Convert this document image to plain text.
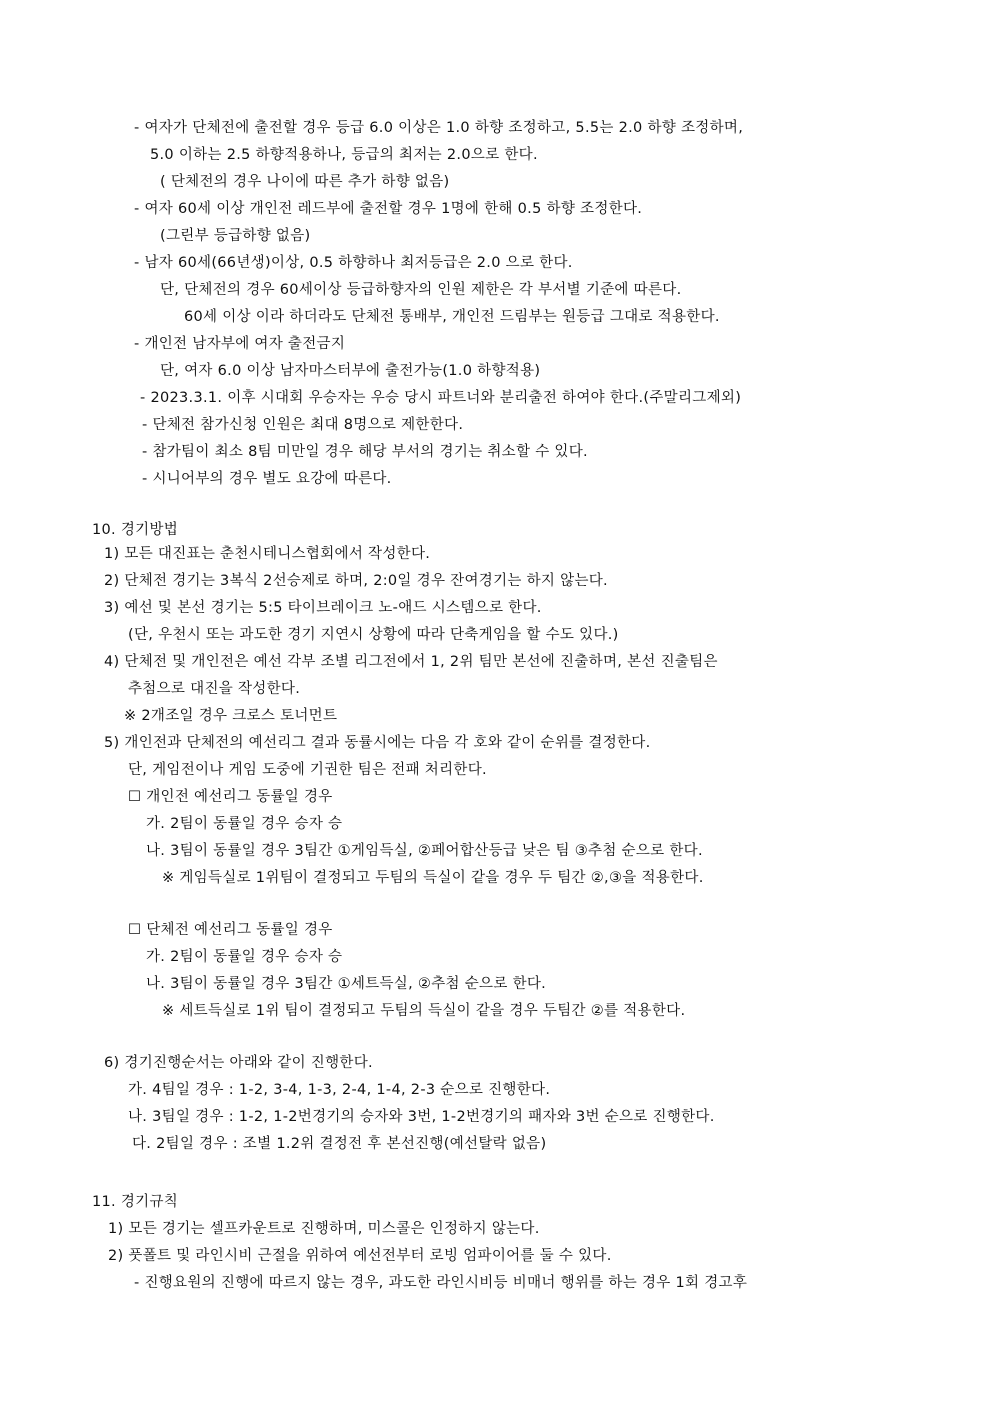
- 여자가 단체전에 출전할 경우 등급 6.0 이상은 1.0 하향 조정하고, 5.5는 2.0 하향 조정하며,
5.0 이하는 2.5 하향적용하나, 등급의 최저는 2.0으로 한다.
( 단체전의 경우 나이에 따른 추가 하향 없음)
- 여자 60세 이상 개인전 레드부에 출전할 경우 1명에 한해 0.5 하향 조정한다.
(그린부 등급하향 없음)
- 남자 60세(66년생)이상, 0.5 하향하나 최저등급은 2.0 으로 한다.
단, 단체전의 경우 60세이상 등급하향자의 인원 제한은 각 부서별 기준에 따른다.
60세 이상 이라 하더라도 단체전 통배부, 개인전 드림부는 원등급 그대로 적용한다.
- 개인전 남자부에 여자 출전금지
단, 여자 6.0 이상 남자마스터부에 출전가능(1.0 하향적용)
- 2023.3.1. 이후 시대회 우승자는 우승 당시 파트너와 분리출전 하여야 한다.(주말리그제외)
- 단체전 참가신청 인원은 최대 8명으로 제한한다.
- 참가팀이 최소 8팀 미만일 경우 해당 부서의 경기는 취소할 수 있다.
- 시니어부의 경우 별도 요강에 따른다.
10. 경기방법
1) 모든 대진표는 춘천시테니스협회에서 작성한다.
2) 단체전 경기는 3복식 2선승제로 하며, 2:0일 경우 잔여경기는 하지 않는다.
3) 예선 및 본선 경기는 5:5 타이브레이크 노-애드 시스템으로 한다.
(단, 우천시 또는 과도한 경기 지연시 상황에 따라 단축게임을 할 수도 있다.)
4) 단체전 및 개인전은 예선 각부 조별 리그전에서 1, 2위 팀만 본선에 진출하며, 본선 진출팀은
추첨으로 대진을 작성한다.
※ 2개조일 경우 크로스 토너먼트
5) 개인전과 단체전의 예선리그 결과 동률시에는 다음 각 호와 같이 순위를 결정한다.
단, 게임전이나 게임 도중에 기권한 팀은 전패 처리한다.
☐ 개인전 예선리그 동률일 경우
가. 2팀이 동률일 경우 승자 승
나. 3팀이 동률일 경우 3팀간 ①게임득실, ②페어합산등급 낮은 팀 ③추첨 순으로 한다.
※ 게임득실로 1위팀이 결정되고 두팀의 득실이 같을 경우 두 팀간 ②,③을 적용한다.
☐ 단체전 예선리그 동률일 경우
가. 2팀이 동률일 경우 승자 승
나. 3팀이 동률일 경우 3팀간 ①세트득실, ②추첨 순으로 한다.
※ 세트득실로 1위 팀이 결정되고 두팀의 득실이 같을 경우 두팀간 ②를 적용한다.
6) 경기진행순서는 아래와 같이 진행한다.
가. 4팀일 경우 : 1-2, 3-4, 1-3, 2-4, 1-4, 2-3 순으로 진행한다.
나. 3팀일 경우 : 1-2, 1-2번경기의 승자와 3번, 1-2번경기의 패자와 3번 순으로 진행한다.
다. 2팀일 경우 : 조별 1.2위 결정전 후 본선진행(예선탈락 없음)
11. 경기규칙
1) 모든 경기는 셀프카운트로 진행하며, 미스콜은 인정하지 않는다.
2) 풋폴트 및 라인시비 근절을 위하여 예선전부터 로빙 엄파이어를 둘 수 있다.
- 진행요원의 진행에 따르지 않는 경우, 과도한 라인시비등 비매너 행위를 하는 경우 1회 경고후
